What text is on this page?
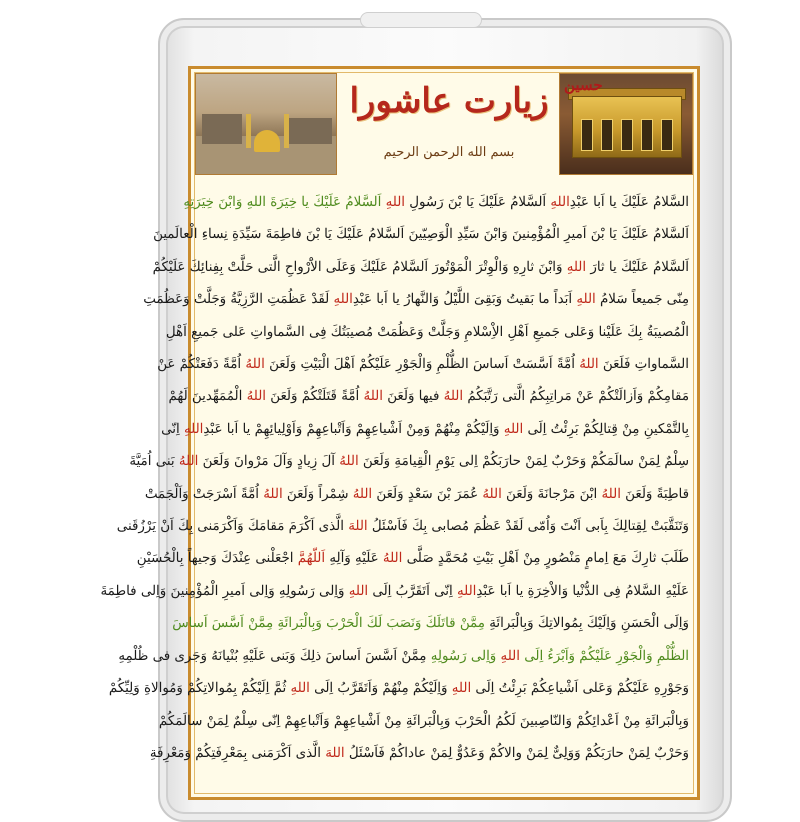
زيارت عاشورا
بسم الله الرحمن الرحيم
حسين
السَّلامُ عَلَيْكَ يا اَبا عَبْدِاللهِ اَلسَّلامُ عَلَيْكَ يَا بْنَ رَسُولِ اللهِ اَلسَّلامُ عَلَيْكَ يا خِيَرَةَ اللهِ وَابْنَ خِيَرَتِهِ
اَلسَّلامُ عَلَيْكَ يَا بْنَ اَميرِ الْمُؤْمِنينَ وَابْنَ سَيِّدِ الْوَصِيّينَ اَلسَّلامُ عَلَيْكَ يَا بْنَ فاطِمَةَ سَيِّدَةِ نِساءِ الْعالَمينَ
اَلسَّلامُ عَلَيْكَ يا ثارَ اللهِ وَابْنَ ثارِهِ وَالْوِتْرَ الْمَوْتُورَ اَلسَّلامُ عَلَيْكَ وَعَلَى الاَْرْواحِ الَّتى حَلَّتْ بِفِنائِكَ عَلَيْكُمْ
مِنّى جَميعاً سَلامُ اللهِ اَبَداً ما بَقيتُ وَبَقِىَ اللَّيْلُ وَالنَّهارُ يا اَبا عَبْدِاللهِ لَقَدْ عَظُمَتِ الرَّزِيَّةُ وَجَلَّتْ وَعَظُمَتِ
الْمُصيبَةُ بِكَ عَلَيْنا وَعَلى جَميعِ اَهْلِ الاِْسْلامِ وَجَلَّتْ وَعَظُمَتْ مُصيبَتُكَ فِى السَّماواتِ عَلى جَميعِ اَهْلِ
السَّماواتِ فَلَعَنَ اللهُ اُمَّةً اَسَّسَتْ اَساسَ الظُّلْمِ وَالْجَوْرِ عَلَيْكُمْ اَهْلَ الْبَيْتِ وَلَعَنَ اللهُ اُمَّةً دَفَعَتْكُمْ عَنْ
مَقامِكُمْ وَاَزالَتْكُمْ عَنْ مَراتِبِكُمُ الَّتى رَتَّبَكُمُ اللهُ فيها وَلَعَنَ اللهُ اُمَّةً قَتَلَتْكُمْ وَلَعَنَ اللهُ الْمُمَهِّدينَ لَهُمْ
بِالتَّمْكينِ مِنْ قِتالِكُمْ بَرِئْتُ اِلَى اللهِ وَاِلَيْكُمْ مِنْهُمْ وَمِنْ اَشْياعِهِمْ وَاَتْباعِهِمْ وَاَوْلِيائِهِمْ يا اَبا عَبْدِاللهِ اِنّى
سِلْمٌ لِمَنْ سالَمَكُمْ وَحَرْبٌ لِمَنْ حارَبَكُمْ اِلى يَوْمِ الْقِيامَةِ وَلَعَنَ اللهُ آلَ زِيادٍ وَآلَ مَرْوانَ وَلَعَنَ اللهُ بَنى اُمَيَّةَ
قاطِبَةً وَلَعَنَ اللهُ ابْنَ مَرْجانَةَ وَلَعَنَ اللهُ عُمَرَ بْنَ سَعْدٍ وَلَعَنَ اللهُ شِمْراً وَلَعَنَ اللهُ اُمَّةً اَسْرَجَتْ وَاَلْجَمَتْ
وَتَنَقَّبَتْ لِقِتالِكَ بِاَبى اَنْتَ وَاُمّى لَقَدْ عَظُمَ مُصابى بِكَ فَاَسْئَلُ اللهَ الَّذى اَكْرَمَ مَقامَكَ وَاَكْرَمَنى بِكَ اَنْ يَرْزُقَنى
طَلَبَ ثارِكَ مَعَ اِمامٍ مَنْصُورٍ مِنْ اَهْلِ بَيْتِ مُحَمَّدٍ صَلَّى اللهُ عَلَيْهِ وَآلِهِ اَللّهُمَّ اجْعَلْنى عِنْدَكَ وَجيهاً بِالْحُسَيْنِ
عَلَيْهِ السَّلامُ فِى الدُّنْيا وَالاْخِرَةِ يا اَبا عَبْدِاللهِ اِنّى اَتَقَرَّبُ اِلَى اللهِ وَاِلى رَسُولِهِ وَاِلى اَميرِ الْمُؤْمِنينَ وَاِلى فاطِمَةَ
وَاِلَى الْحَسَنِ وَاِلَيْكَ بِمُوالاتِكَ وَبِالْبَرائَةِ مِمَّنْ قاتَلَكَ وَنَصَبَ لَكَ الْحَرْبَ وَبِالْبَرائَةِ مِمَّنْ اَسَّسَ اَساسَ
الظُّلْمِ وَالْجَوْرِ عَلَيْكُمْ وَاَبْرَءُ اِلَى اللهِ وَاِلى رَسُولِهِ مِمَّنْ اَسَّسَ اَساسَ ذلِكَ وَبَنى عَلَيْهِ بُنْيانَهُ وَجَرى فى ظُلْمِهِ
وَجَوْرِهِ عَلَيْكُمْ وَعَلى اَشْياعِكُمْ بَرِئْتُ اِلَى اللهِ وَاِلَيْكُمْ مِنْهُمْ وَاَتَقَرَّبُ اِلَى اللهِ ثُمَّ اِلَيْكُمْ بِمُوالاتِكُمْ وَمُوالاةِ وَلِيِّكُمْ
وَبِالْبَرائَةِ مِنْ اَعْدائِكُمْ وَالنّاصِبينَ لَكُمُ الْحَرْبَ وَبِالْبَرائَةِ مِنْ اَشْياعِهِمْ وَاَتْباعِهِمْ اِنّى سِلْمٌ لِمَنْ سالَمَكُمْ
وَحَرْبٌ لِمَنْ حارَبَكُمْ وَوَلِىٌّ لِمَنْ والاكُمْ وَعَدُوٌّ لِمَنْ عاداكُمْ فَاَسْئَلُ اللهَ الَّذى اَكْرَمَنى بِمَعْرِفَتِكُمْ وَمَعْرِفَةِ
